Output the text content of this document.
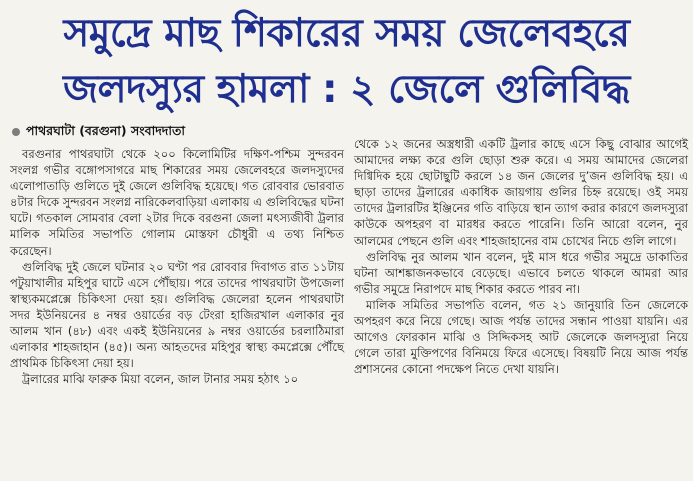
সমুদ্রে মাছ শিকারের সময় জেলেবহরে
জলদস্যুর হামলা : ২ জেলে গুলিবিদ্ধ
পাথরঘাটা (বরগুনা) সংবাদদাতা

বরগুনার পাথরঘাটা থেকে ২০০ কিলোমিটির দক্ষিণ-পশ্চিম সুন্দরবন সংলগ্ন গভীর বঙ্গোপসাগরে মাছ শিকারের সময় জেলেবহরে জলদস্যুদের এলোপাতাড়ি গুলিতে দুই জেলে গুলিবিদ্ধ হয়েছে। গত রোববার ভোরবাত ৪টার দিকে সুন্দরবন সংলগ্ন নারিকেলবাড়িয়া এলাকায় এ গুলিবিদ্ধের ঘটনা ঘটে। গতকাল সোমবার বেলা ২টার দিকে বরগুনা জেলা মৎস্যজীবী ট্রলার মালিক সমিতির সভাপতি গোলাম মোস্তফা চৌধুরী এ তথ্য নিশ্চিত করেছেন।

গুলিবিদ্ধ দুই জেলে ঘটনার ২০ ঘণ্টা পর রোববার দিবাগত রাত ১১টায় পটুয়াখালীর মহিপুর ঘাটে এসে পৌঁছায়। পরে তাদের পাথরঘাটা উপজেলা স্বাস্থ্যকমপ্লেক্সে চিকিৎসা দেয়া হয়। গুলিবিদ্ধ জেলেরা হলেন পাথরঘাটা সদর ইউনিয়নের ৪ নম্বর ওয়ার্ডের বড় টেংরা হাজিরখাল এলাকার নুর আলম খান (৪৮) এবং একই ইউনিয়নের ৯ নম্বর ওয়ার্ডের চরলাঠিমারা এলাকার শাহজাহান (৪৫)। অন্য আহতদের মহিপুর স্বাস্থ্য কমপ্লেক্সে পৌঁছে প্রাথমিক চিকিৎসা দেয়া হয়।

ট্রলারের মাঝি ফারুক মিয়া বলেন, জাল টানার সময় হঠাৎ ১০

থেকে ১২ জনের অস্ত্রধারী একটি ট্রলার কাছে এসে কিছু বোঝার আগেই আমাদের লক্ষ্য করে গুলি ছোড়া শুরু করে। এ সময় আমাদের জেলেরা দিগ্বিদিক হয়ে ছোটাছুটি করলে ১৪ জন জেলের দু’জন গুলিবিদ্ধ হয়। এ ছাড়া তাদের ট্রলারের একাধিক জায়গায় গুলির চিহ্ন রয়েছে। ওই সময় তাদের ট্রলারটির ইঞ্জিনের গতি বাড়িয়ে স্থান ত্যাগ করার কারণে জলদস্যুরা কাউকে অপহরণ বা মারধর করতে পারেনি। তিনি আরো বলেন, নুর আলমের পেছনে গুলি এবং শাহজাহানের বাম চোখের নিচে গুলি লাগে।

গুলিবিদ্ধ নুর আলম খান বলেন, দুই মাস ধরে গভীর সমুদ্রে ডাকাতির ঘটনা আশঙ্কাজনকভাবে বেড়েছে। এভাবে চলতে থাকলে আমরা আর গভীর সমুদ্রে নিরাপদে মাছ শিকার করতে পারব না।

মালিক সমিতির সভাপতি বলেন, গত ২১ জানুয়ারি তিন জেলেকে অপহরণ করে নিয়ে গেছে। আজ পর্যন্ত তাদের সন্ধান পাওয়া যায়নি। এর আগেও ফোরকান মাঝি ও সিদ্দিকসহ আট জেলেকে জলদস্যুরা নিয়ে গেলে তারা মুক্তিপণের বিনিময়ে ফিরে এসেছে। বিষয়টি নিয়ে আজ পর্যন্ত প্রশাসনের কোনো পদক্ষেপ নিতে দেখা যায়নি।
